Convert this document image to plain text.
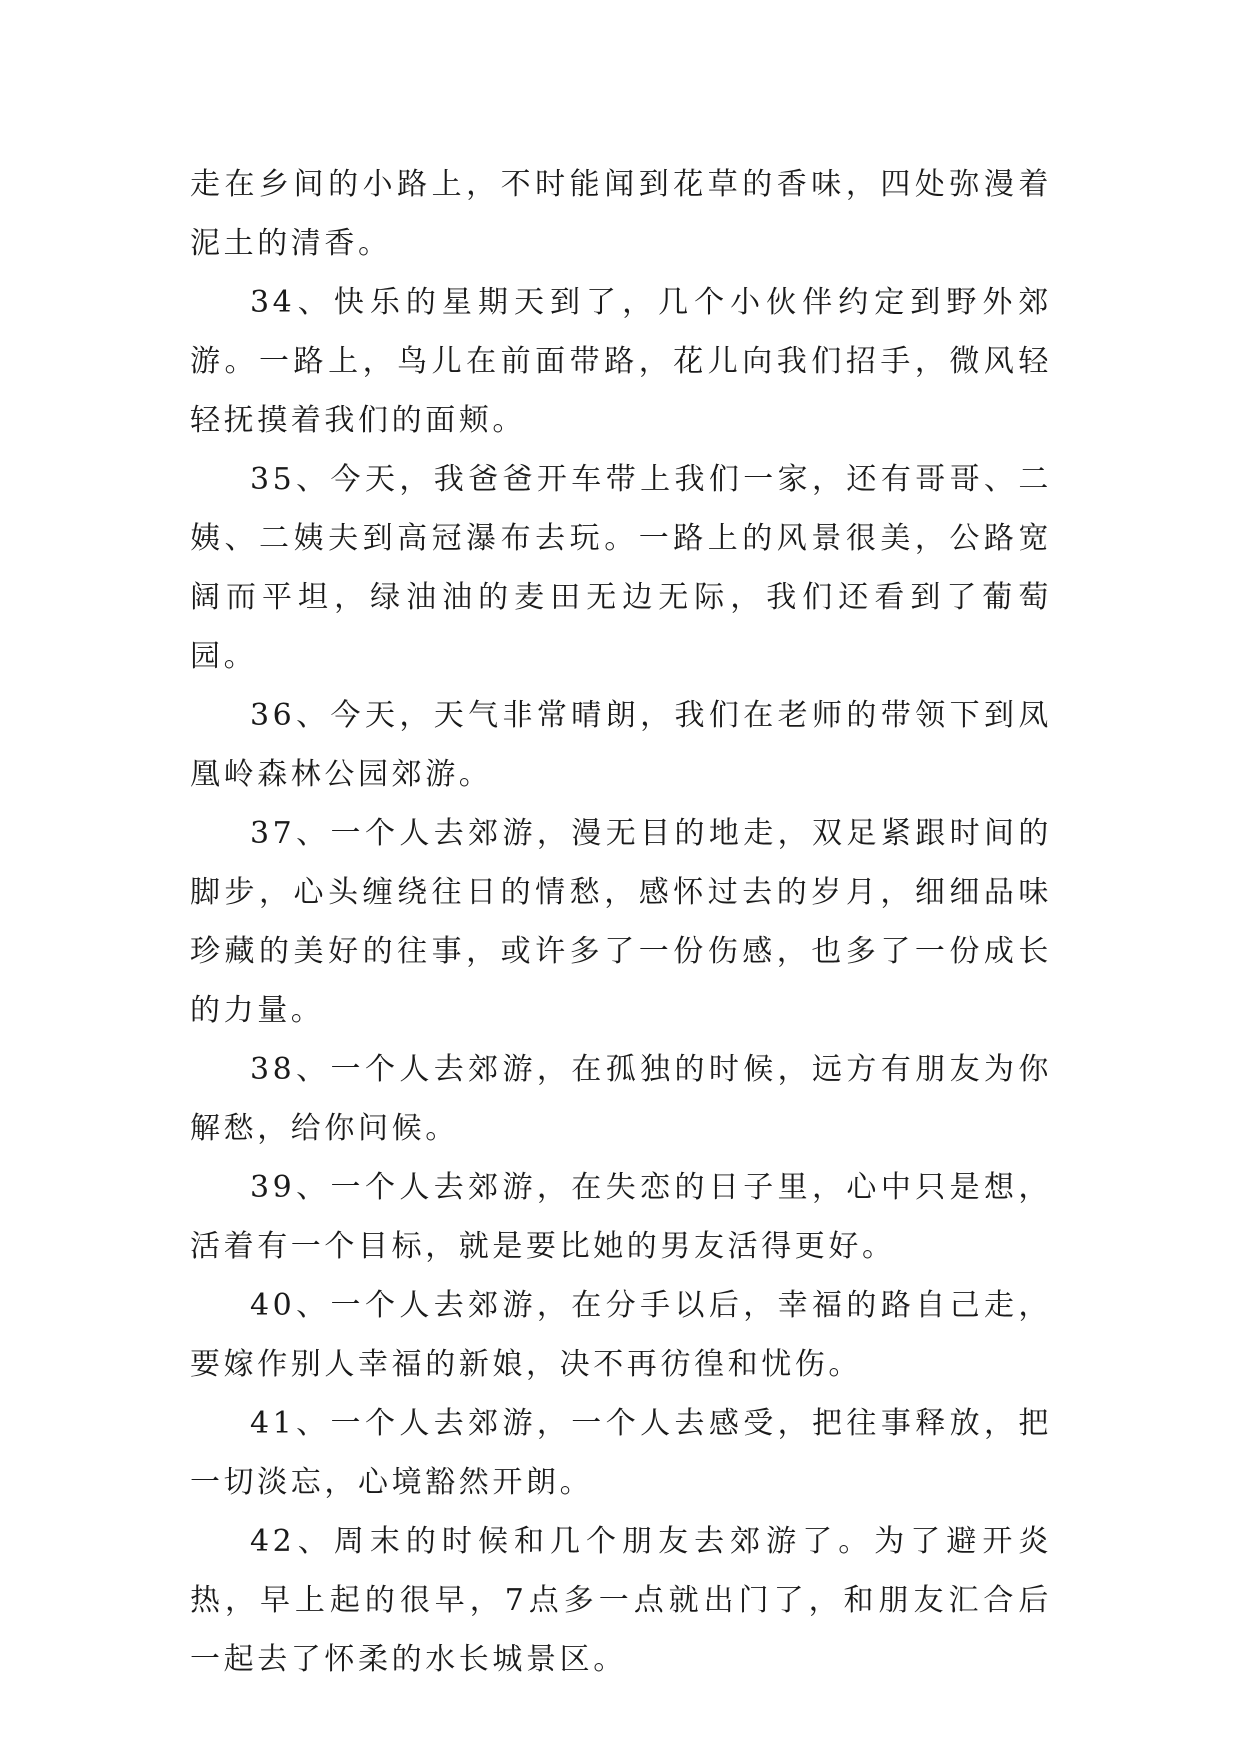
走在乡间的小路上，不时能闻到花草的香味，四处弥漫着泥土的清香。

34、快乐的星期天到了，几个小伙伴约定到野外郊游。一路上，鸟儿在前面带路，花儿向我们招手，微风轻轻抚摸着我们的面颊。

35、今天，我爸爸开车带上我们一家，还有哥哥、二姨、二姨夫到高冠瀑布去玩。一路上的风景很美，公路宽阔而平坦，绿油油的麦田无边无际，我们还看到了葡萄园。

36、今天，天气非常晴朗，我们在老师的带领下到凤凰岭森林公园郊游。

37、一个人去郊游，漫无目的地走，双足紧跟时间的脚步，心头缠绕往日的情愁，感怀过去的岁月，细细品味珍藏的美好的往事，或许多了一份伤感，也多了一份成长的力量。

38、一个人去郊游，在孤独的时候，远方有朋友为你解愁，给你问候。

39、一个人去郊游，在失恋的日子里，心中只是想，活着有一个目标，就是要比她的男友活得更好。

40、一个人去郊游，在分手以后，幸福的路自己走，要嫁作别人幸福的新娘，决不再彷徨和忧伤。

41、一个人去郊游，一个人去感受，把往事释放，把一切淡忘，心境豁然开朗。

42、周末的时候和几个朋友去郊游了。为了避开炎热，早上起的很早，7点多一点就出门了，和朋友汇合后一起去了怀柔的水长城景区。
